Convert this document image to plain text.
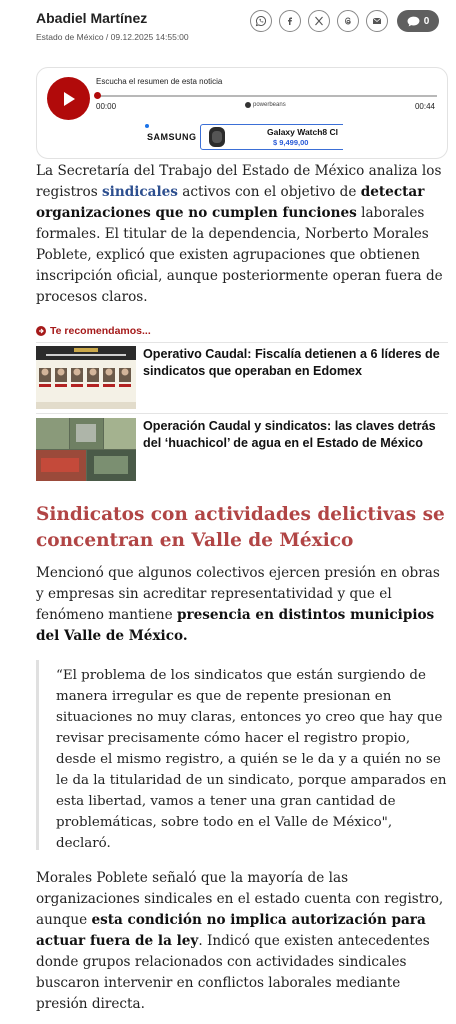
Abadiel Martínez
Estado de México / 09.12.2025 14:55:00
0
Escucha el resumen de esta noticia
00:00	powerbeans	00:44
SAMSUNG	Galaxy Watch8 Cl
$ 9,499,00

La Secretaría del Trabajo del Estado de México analiza los registros sindicales activos con el objetivo de detectar organizaciones que no cumplen funciones laborales formales. El titular de la dependencia, Norberto Morales Poblete, explicó que existen agrupaciones que obtienen inscripción oficial, aunque posteriormente operan fuera de procesos claros.

Te recomendamos...
Operativo Caudal: Fiscalía detienen a 6 líderes de sindicatos que operaban en Edomex
Operación Caudal y sindicatos: las claves detrás del ‘huachicol’ de agua en el Estado de México
Sindicatos con actividades delictivas se concentran en Valle de México

Mencionó que algunos colectivos ejercen presión en obras y empresas sin acreditar representatividad y que el fenómeno mantiene presencia en distintos municipios del Valle de México.

“El problema de los sindicatos que están surgiendo de manera irregular es que de repente presionan en situaciones no muy claras, entonces yo creo que hay que revisar precisamente cómo hacer el registro propio, desde el mismo registro, a quién se le da y a quién no se le da la titularidad de un sindicato, porque amparados en esta libertad, vamos a tener una gran cantidad de problemáticas, sobre todo en el Valle de México", declaró.

Morales Poblete señaló que la mayoría de las organizaciones sindicales en el estado cuenta con registro, aunque esta condición no implica autorización para actuar fuera de la ley. Indicó que existen antecedentes donde grupos relacionados con actividades sindicales buscaron intervenir en conflictos laborales mediante presión directa.
